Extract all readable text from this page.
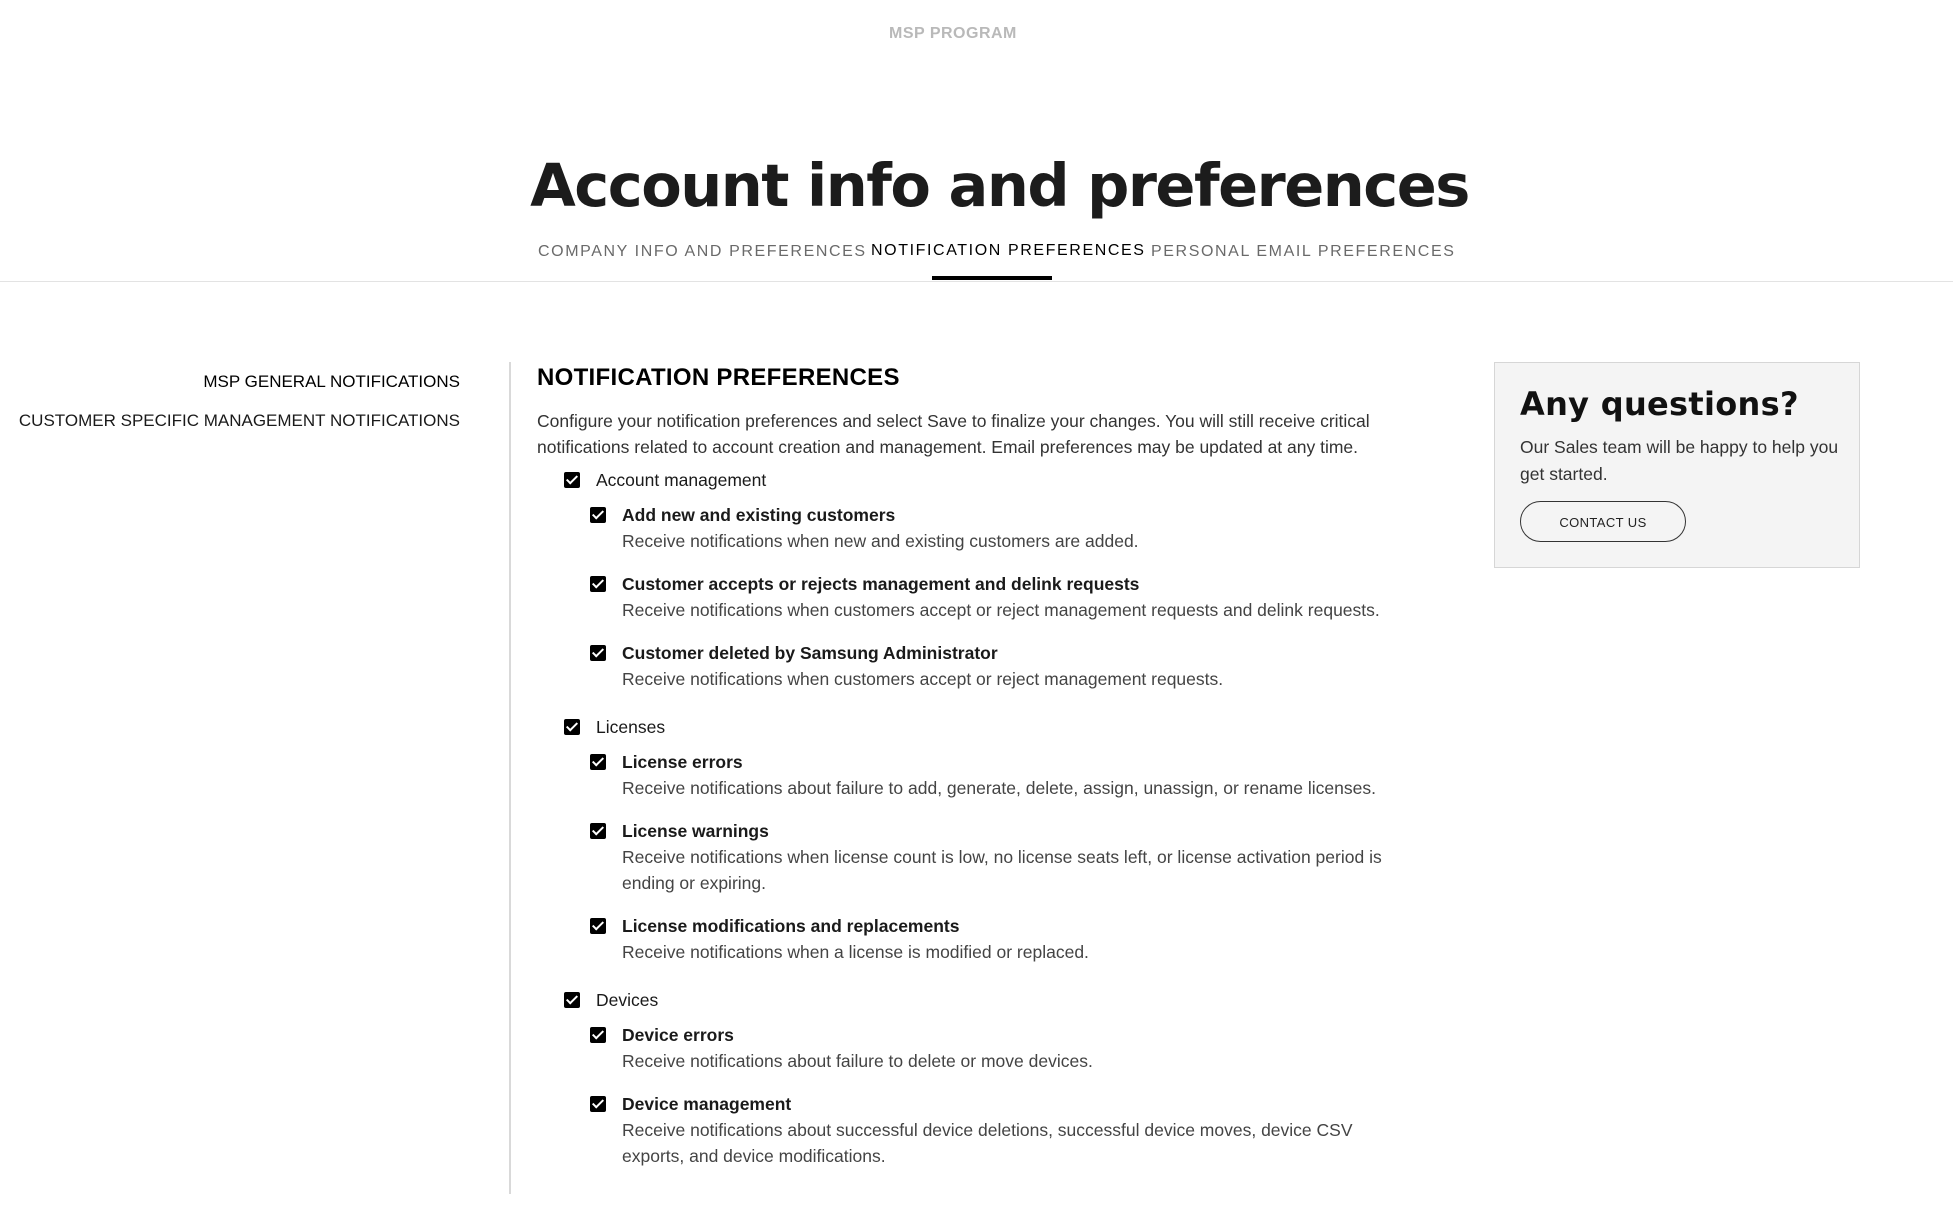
MSP PROGRAM
Account info and preferences
COMPANY INFO AND PREFERENCES NOTIFICATION PREFERENCES PERSONAL EMAIL PREFERENCES
MSP GENERAL NOTIFICATIONS
CUSTOMER SPECIFIC MANAGEMENT NOTIFICATIONS
NOTIFICATION PREFERENCES
Configure your notification preferences and select Save to finalize your changes. You will still receive critical notifications related to account creation and management. Email preferences may be updated at any time.
Account management
Add new and existing customers
Receive notifications when new and existing customers are added.
Customer accepts or rejects management and delink requests
Receive notifications when customers accept or reject management requests and delink requests.
Customer deleted by Samsung Administrator
Receive notifications when customers accept or reject management requests.
Licenses
License errors
Receive notifications about failure to add, generate, delete, assign, unassign, or rename licenses.
License warnings
Receive notifications when license count is low, no license seats left, or license activation period is ending or expiring.
License modifications and replacements
Receive notifications when a license is modified or replaced.
Devices
Device errors
Receive notifications about failure to delete or move devices.
Device management
Receive notifications about successful device deletions, successful device moves, device CSV exports, and device modifications.
Any questions?

Our Sales team will be happy to help you get started.

CONTACT US
